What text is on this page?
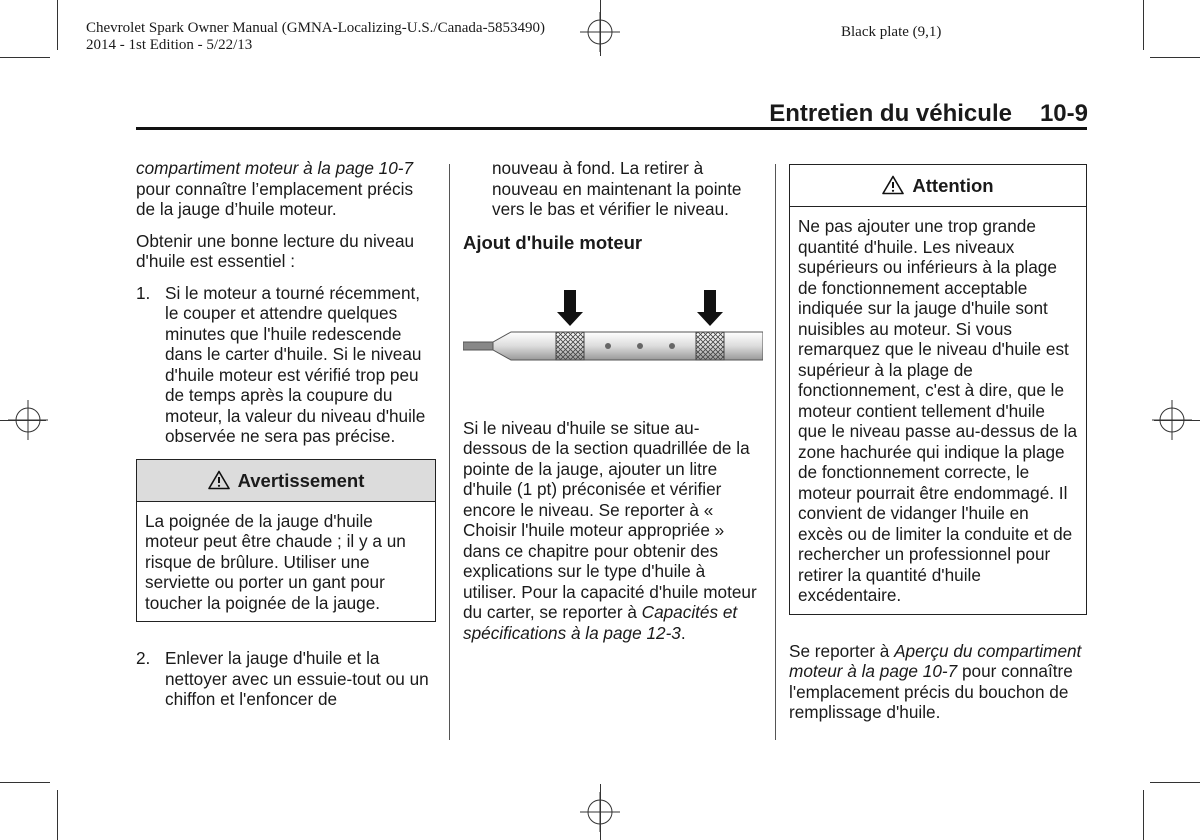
Chevrolet Spark Owner Manual (GMNA-Localizing-U.S./Canada-5853490)
2014 - 1st Edition - 5/22/13
Black plate (9,1)
Entretien du véhicule 10-9

compartiment moteur à la page 10-7 pour connaître l’emplacement précis de la jauge d’huile moteur.

Obtenir une bonne lecture du niveau d'huile est essentiel :

1. Si le moteur a tourné récemment, le couper et attendre quelques minutes que l'huile redescende dans le carter d'huile. Si le niveau d'huile moteur est vérifié trop peu de temps après la coupure du moteur, la valeur du niveau d'huile observée ne sera pas précise.
Avertissement
La poignée de la jauge d'huile moteur peut être chaude ; il y a un risque de brûlure. Utiliser une serviette ou porter un gant pour toucher la poignée de la jauge.
2. Enlever la jauge d'huile et la nettoyer avec un essuie-tout ou un chiffon et l'enfoncer de

nouveau à fond. La retirer à nouveau en maintenant la pointe vers le bas et vérifier le niveau.

Ajout d'huile moteur

Si le niveau d'huile se situe au-dessous de la section quadrillée de la pointe de la jauge, ajouter un litre d'huile (1 pt) préconisée et vérifier encore le niveau. Se reporter à « Choisir l'huile moteur appropriée » dans ce chapitre pour obtenir des explications sur le type d'huile à utiliser. Pour la capacité d'huile moteur du carter, se reporter à Capacités et spécifications à la page 12-3.

Attention
Ne pas ajouter une trop grande quantité d'huile. Les niveaux supérieurs ou inférieurs à la plage de fonctionnement acceptable indiquée sur la jauge d'huile sont nuisibles au moteur. Si vous remarquez que le niveau d'huile est supérieur à la plage de fonctionnement, c'est à dire, que le moteur contient tellement d'huile que le niveau passe au-dessus de la zone hachurée qui indique la plage de fonctionnement correcte, le moteur pourrait être endommagé. Il convient de vidanger l'huile en excès ou de limiter la conduite et de rechercher un professionnel pour retirer la quantité d'huile excédentaire.

Se reporter à Aperçu du compartiment moteur à la page 10-7 pour connaître l'emplacement précis du bouchon de remplissage d'huile.
